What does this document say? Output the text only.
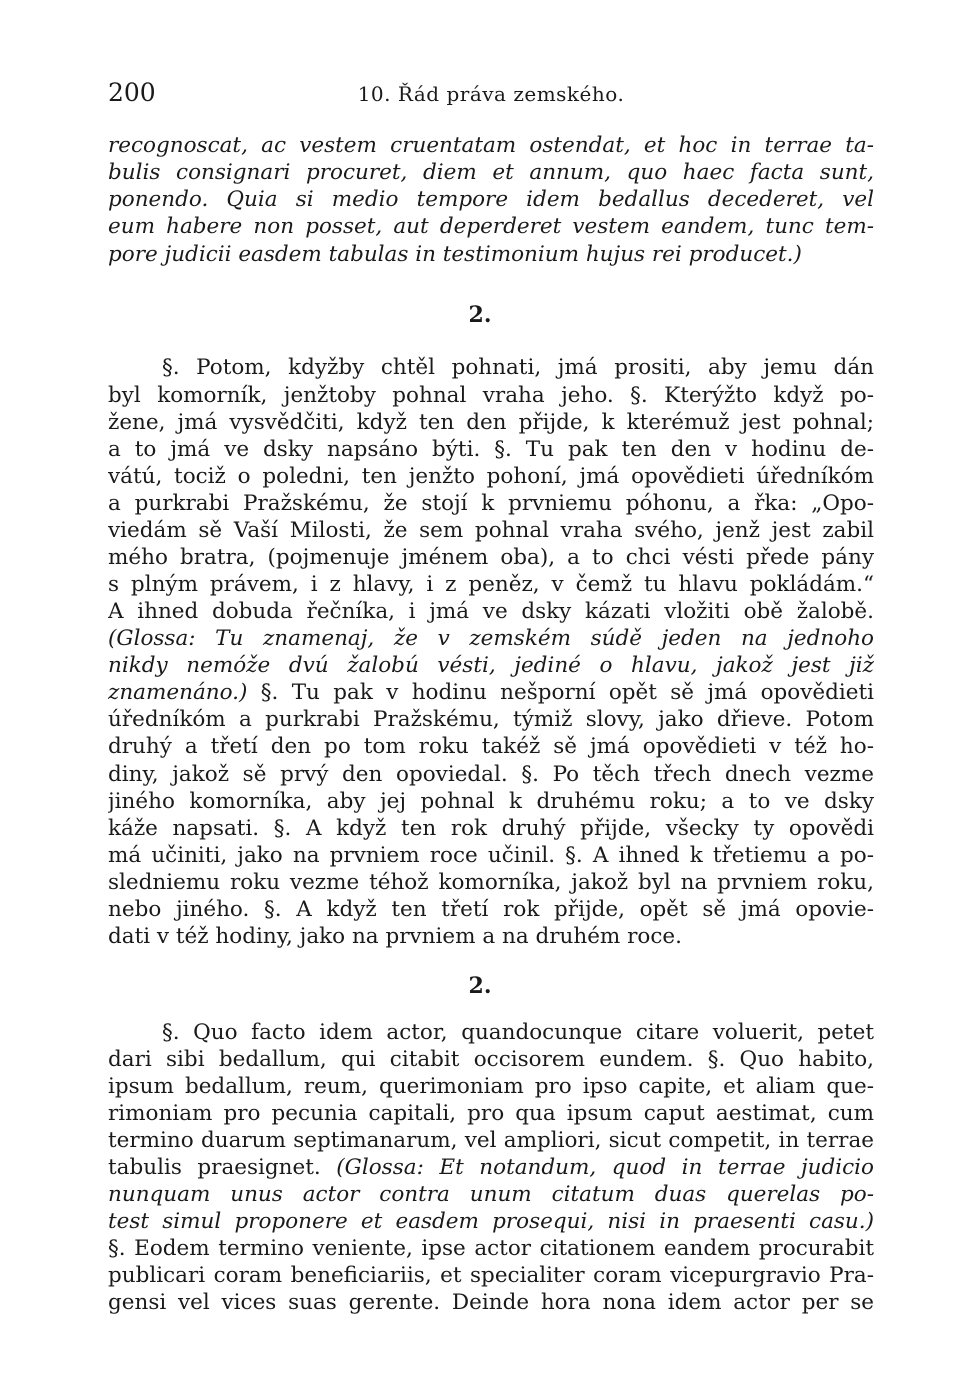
200	10. Řád práva zemského.
recognoscat, ac vestem cruentatam ostendat, et hoc in terrae ta-
bulis consignari procuret, diem et annum, quo haec facta sunt,
ponendo. Quia si medio tempore idem bedallus decederet, vel
eum habere non posset, aut deperderet vestem eandem, tunc tem-
pore judicii easdem tabulas in testimonium hujus rei producet.)
2.
§. Potom, kdyžby chtěl pohnati, jmá prositi, aby jemu dán
byl komorník, jenžtoby pohnal vraha jeho. §. Kterýžto když po-
žene, jmá vysvědčiti, když ten den přijde, k kterémuž jest pohnal;
a to jmá ve dsky napsáno býti. §. Tu pak ten den v hodinu de-
vátú, tociž o poledni, ten jenžto pohoní, jmá opovědieti úředníkóm
a purkrabi Pražskému, že stojí k prvniemu póhonu, a řka: „Opo-
viedám sě Vaší Milosti, že sem pohnal vraha svého, jenž jest zabil
mého bratra, (pojmenuje jménem oba), a to chci vésti přede pány
s plným právem, i z hlavy, i z peněz, v čemž tu hlavu pokládám.“
A ihned dobuda řečníka, i jmá ve dsky kázati vložiti obě žalobě.
(Glossa: Tu znamenaj, že v zemském súdě jeden na jednoho
nikdy nemóže dvú žalobú vésti, jediné o hlavu, jakož jest již
znamenáno.) §. Tu pak v hodinu nešporní opět sě jmá opovědieti
úředníkóm a purkrabi Pražskému, týmiž slovy, jako dřieve. Potom
druhý a třetí den po tom roku takéž sě jmá opovědieti v též ho-
diny, jakož sě prvý den opoviedal. §. Po těch třech dnech vezme
jiného komorníka, aby jej pohnal k druhému roku; a to ve dsky
káže napsati. §. A když ten rok druhý přijde, všecky ty opovědi
má učiniti, jako na prvniem roce učinil. §. A ihned k třetiemu a po-
sledniemu roku vezme téhož komorníka, jakož byl na prvniem roku,
nebo jiného. §. A když ten třetí rok přijde, opět sě jmá opovie-
dati v též hodiny, jako na prvniem a na druhém roce.
2.
§. Quo facto idem actor, quandocunque citare voluerit, petet
dari sibi bedallum, qui citabit occisorem eundem. §. Quo habito,
ipsum bedallum, reum, querimoniam pro ipso capite, et aliam que-
rimoniam pro pecunia capitali, pro qua ipsum caput aestimat, cum
termino duarum septimanarum, vel ampliori, sicut competit, in terrae
tabulis praesignet. (Glossa: Et notandum, quod in terrae judicio
nunquam unus actor contra unum citatum duas querelas po-
test simul proponere et easdem prosequi, nisi in praesenti casu.)
§. Eodem termino veniente, ipse actor citationem eandem procurabit
publicari coram beneficiariis, et specialiter coram vicepurgravio Pra-
gensi vel vices suas gerente. Deinde hora nona idem actor per se
